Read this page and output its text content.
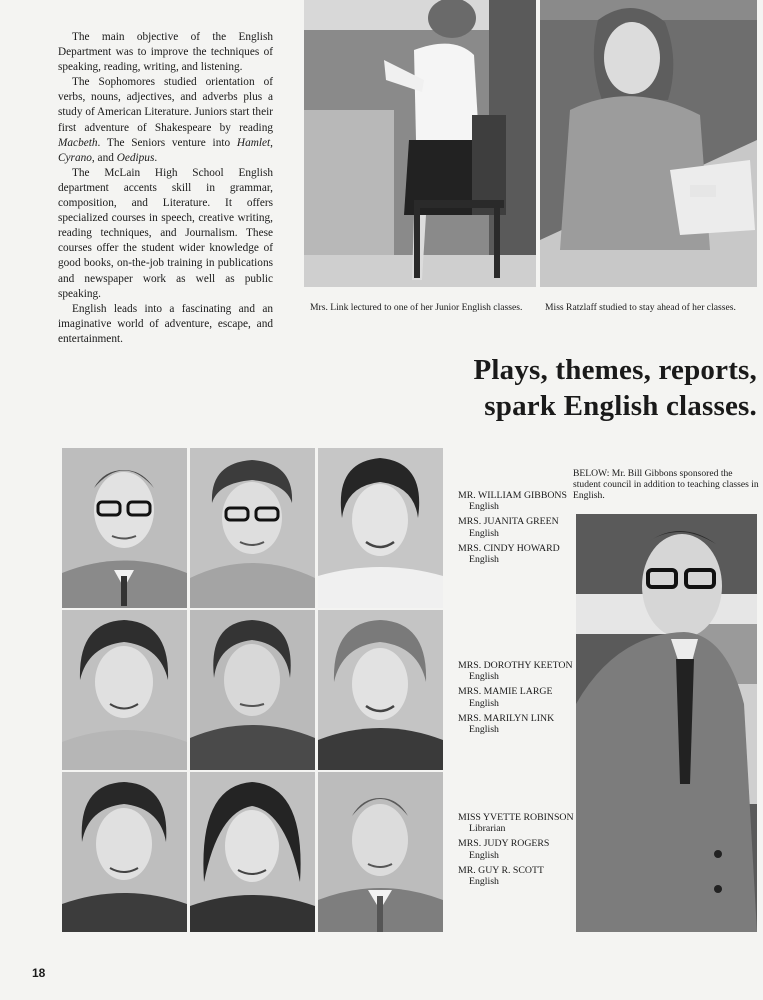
The main objective of the English Department was to improve the techniques of speaking, reading, writing, and listening.

The Sophomores studied orientation of verbs, nouns, adjectives, and adverbs plus a study of American Literature. Juniors start their first adventure of Shakespeare by reading Macbeth. The Seniors venture into Hamlet, Cyrano, and Oedipus.

The McLain High School English department accents skill in grammar, composition, and Literature. It offers specialized courses in speech, creative writing, reading techniques, and Journalism. These courses offer the student wider knowledge of good books, on-the-job training in publications and newspaper work as well as public speaking.

English leads into a fascinating and an imaginative world of adventure, escape, and entertainment.

Mrs. Link lectured to one of her Junior English classes.	Miss Ratzlaff studied to stay ahead of her classes.
Plays, themes, reports,
spark English classes.
MR. WILLIAM GIBBONS
English
MRS. JUANITA GREEN
English
MRS. CINDY HOWARD
English
MRS. DOROTHY KEETON
English
MRS. MAMIE LARGE
English
MRS. MARILYN LINK
English
MISS YVETTE ROBINSON
Librarian
MRS. JUDY ROGERS
English
MR. GUY R. SCOTT
English
BELOW: Mr. Bill Gibbons sponsored the student council in addition to teaching classes in English.
18
